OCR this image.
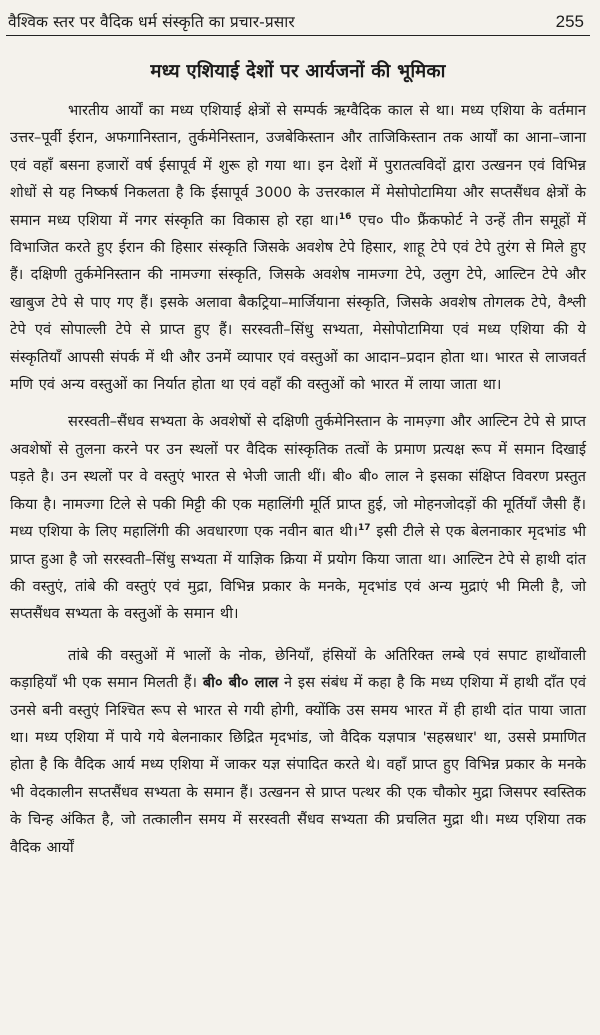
वैश्विक स्तर पर वैदिक धर्म संस्कृति का प्रचार-प्रसार	255
मध्य एशियाई देशों पर आर्यजनों की भूमिका

भारतीय आर्यों का मध्य एशियाई क्षेत्रों से सम्पर्क ऋग्वैदिक काल से था। मध्य एशिया के वर्तमान उत्तर–पूर्वी ईरान, अफगानिस्तान, तुर्कमेनिस्तान, उजबेकिस्तान और ताजिकिस्तान तक आर्यों का आना–जाना एवं वहाँ बसना हजारों वर्ष ईसापूर्व में शुरू हो गया था। इन देशों में पुरातत्वविदों द्वारा उत्खनन एवं विभिन्न शोधों से यह निष्कर्ष निकलता है कि ईसापूर्व 3000 के उत्तरकाल में मेसोपोटामिया और सप्तसैंधव क्षेत्रों के समान मध्य एशिया में नगर संस्कृति का विकास हो रहा था।$^{16}$ एच० पी० फ्रैंकफोर्ट ने उन्हें तीन समूहों में विभाजित करते हुए ईरान की हिसार संस्कृति जिसके अवशेष टेपे हिसार, शाहू टेपे एवं टेपे तुरंग से मिले हुए हैं। दक्षिणी तुर्कमेनिस्तान की नामज्गा संस्कृति, जिसके अवशेष नामज्गा टेपे, उलुग टेपे, आल्टिन टेपे और खाबुज टेपे से पाए गए हैं। इसके अलावा बैकट्रिया–मार्जियाना संस्कृति, जिसके अवशेष तोगलक टेपे, वैश्ली टेपे एवं सोपाल्ली टेपे से प्राप्त हुए हैं। सरस्वती–सिंधु सभ्यता, मेसोपोटामिया एवं मध्य एशिया की ये संस्कृतियाँ आपसी संपर्क में थी और उनमें व्यापार एवं वस्तुओं का आदान–प्रदान होता था। भारत से लाजवर्त मणि एवं अन्य वस्तुओं का निर्यात होता था एवं वहाँ की वस्तुओं को भारत में लाया जाता था।

सरस्वती–सैंधव सभ्यता के अवशेषों से दक्षिणी तुर्कमेनिस्तान के नामज़्गा और आल्टिन टेपे से प्राप्त अवशेषों से तुलना करने पर उन स्थलों पर वैदिक सांस्कृतिक तत्वों के प्रमाण प्रत्यक्ष रूप में समान दिखाई पड़ते है। उन स्थलों पर वे वस्तुएं भारत से भेजी जाती थीं। बी० बी० लाल ने इसका संक्षिप्त विवरण प्रस्तुत किया है। नामज्गा टिले से पकी मिट्टी की एक महालिंगी मूर्ति प्राप्त हुई, जो मोहनजोदड़ों की मूर्तियाँ जैसी हैं। मध्य एशिया के लिए महालिंगी की अवधारणा एक नवीन बात थी।$^{17}$ इसी टीले से एक बेलनाकार मृदभांड भी प्राप्त हुआ है जो सरस्वती–सिंधु सभ्यता में याज्ञिक क्रिया में प्रयोग किया जाता था। आल्टिन टेपे से हाथी दांत की वस्तुएं, तांबे की वस्तुएं एवं मुद्रा, विभिन्न प्रकार के मनके, मृदभांड एवं अन्य मुद्राएं भी मिली है, जो सप्तसैंधव सभ्यता के वस्तुओं के समान थी।

तांबे की वस्तुओं में भालों के नोक, छेनियाँ, हंसियों के अतिरिक्त लम्बे एवं सपाट हाथोंवाली कड़ाहियाँ भी एक समान मिलती हैं। बी० बी० लाल ने इस संबंध में कहा है कि मध्य एशिया में हाथी दाँत एवं उनसे बनी वस्तुएं निश्चित रूप से भारत से गयी होगी, क्योंकि उस समय भारत में ही हाथी दांत पाया जाता था। मध्य एशिया में पाये गये बेलनाकार छिद्रित मृदभांड, जो वैदिक यज्ञपात्र 'सहस्रधार' था, उससे प्रमाणित होता है कि वैदिक आर्य मध्य एशिया में जाकर यज्ञ संपादित करते थे। वहाँ प्राप्त हुए विभिन्न प्रकार के मनके भी वेदकालीन सप्तसैंधव सभ्यता के समान हैं। उत्खनन से प्राप्त पत्थर की एक चौकोर मुद्रा जिसपर स्वस्तिक के चिन्ह अंकित है, जो तत्कालीन समय में सरस्वती सैंधव सभ्यता की प्रचलित मुद्रा थी। मध्य एशिया तक वैदिक आर्यों
